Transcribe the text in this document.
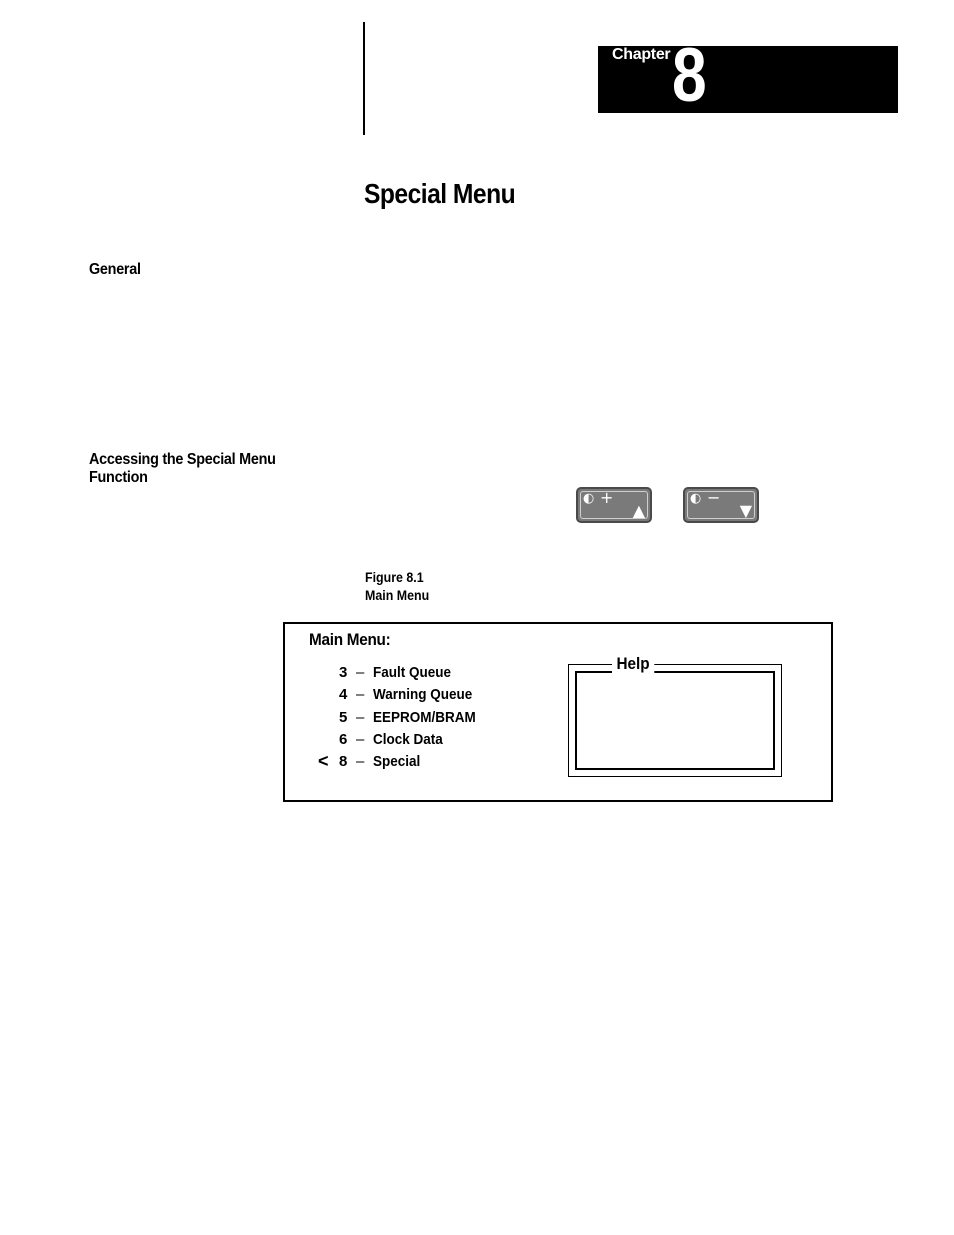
Chapter 8
Special Menu
General
Accessing the Special Menu Function
◐ +
▲
◐ −
▼
Figure 8.1
Main Menu
Main Menu:
3 – Fault Queue
4 – Warning Queue
5 – EEPROM/BRAM
6 – Clock Data
< 8 – Special
Help
